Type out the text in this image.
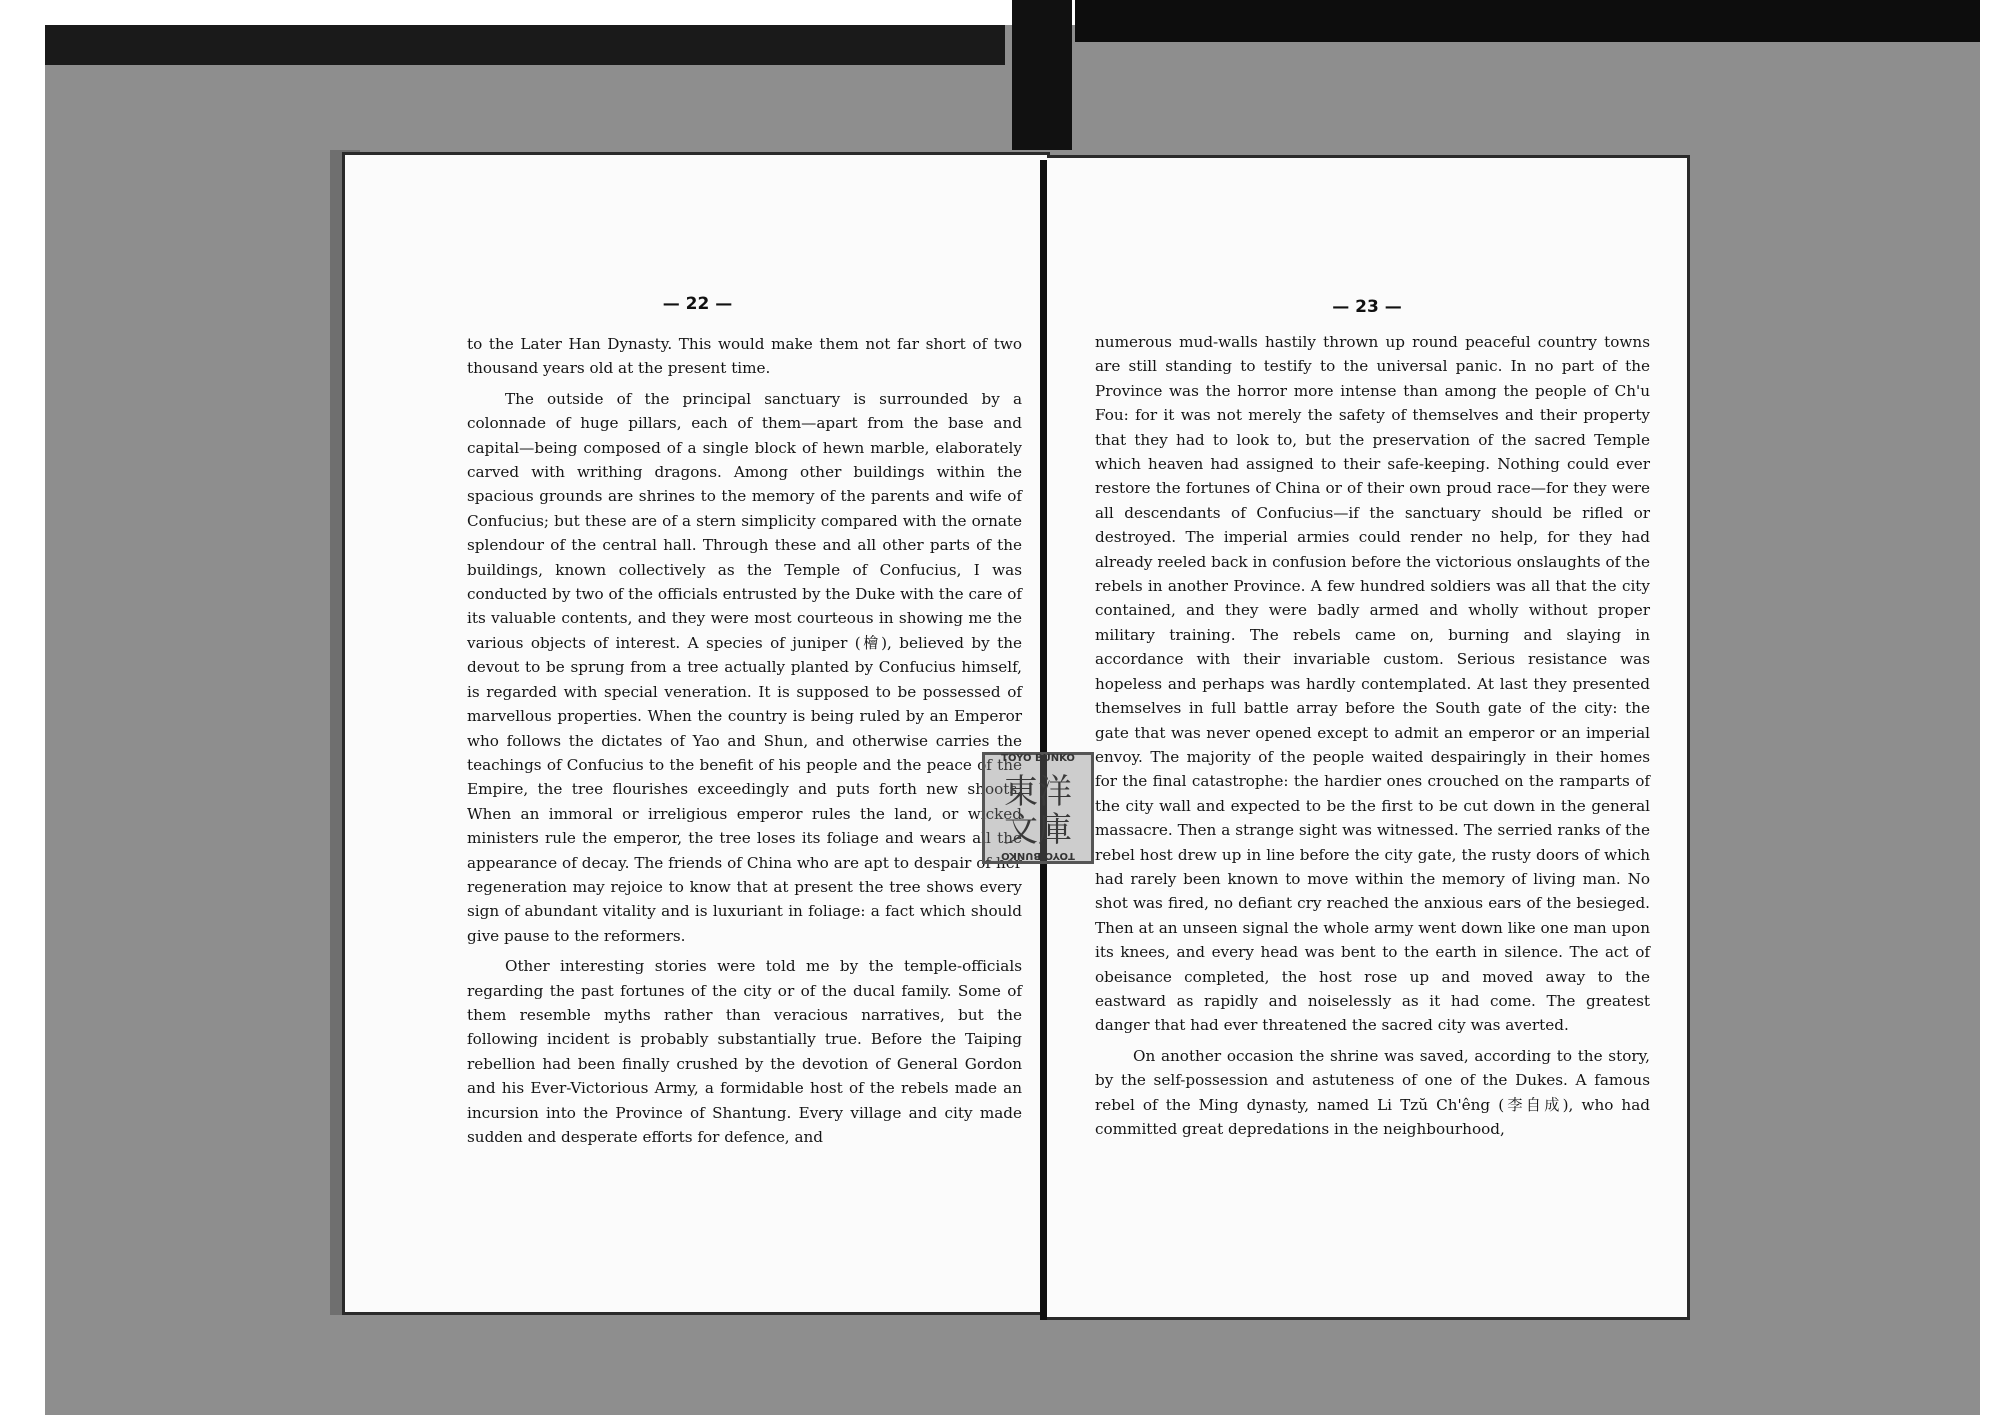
— 22 —

to the Later Han Dynasty. This would make them not far short of two thousand years old at the present time.

The outside of the principal sanctuary is surrounded by a colonnade of huge pillars, each of them—apart from the base and capital—being composed of a single block of hewn marble, elaborately carved with writhing dragons. Among other buildings within the spacious grounds are shrines to the memory of the parents and wife of Confucius; but these are of a stern simplicity compared with the ornate splendour of the central hall. Through these and all other parts of the buildings, known collectively as the Temple of Confucius, I was conducted by two of the officials entrusted by the Duke with the care of its valuable contents, and they were most courteous in showing me the various objects of interest. A species of juniper (檜), believed by the devout to be sprung from a tree actually planted by Confucius himself, is regarded with special veneration. It is supposed to be possessed of marvellous properties. When the country is being ruled by an Emperor who follows the dictates of Yao and Shun, and otherwise carries the teachings of Confucius to the benefit of his people and the peace of the Empire, the tree flourishes exceedingly and puts forth new shoots. When an immoral or irreligious emperor rules the land, or wicked ministers rule the emperor, the tree loses its foliage and wears all the appearance of decay. The friends of China who are apt to despair of her regeneration may rejoice to know that at present the tree shows every sign of abundant vitality and is luxuriant in foliage: a fact which should give pause to the reformers.

Other interesting stories were told me by the temple-officials regarding the past fortunes of the city or of the ducal family. Some of them resemble myths rather than veracious narratives, but the following incident is probably substantially true. Before the Taiping rebellion had been finally crushed by the devotion of General Gordon and his Ever-Victorious Army, a formidable host of the rebels made an incursion into the Province of Shantung. Every village and city made sudden and desperate efforts for defence, and

— 23 —

numerous mud-walls hastily thrown up round peaceful country towns are still standing to testify to the universal panic. In no part of the Province was the horror more intense than among the people of Ch'u Fou: for it was not merely the safety of themselves and their property that they had to look to, but the preservation of the sacred Temple which heaven had assigned to their safe-keeping. Nothing could ever restore the fortunes of China or of their own proud race—for they were all descendants of Confucius—if the sanctuary should be rifled or destroyed. The imperial armies could render no help, for they had already reeled back in confusion before the victorious onslaughts of the rebels in another Province. A few hundred soldiers was all that the city contained, and they were badly armed and wholly without proper military training. The rebels came on, burning and slaying in accordance with their invariable custom. Serious resistance was hopeless and perhaps was hardly contemplated. At last they presented themselves in full battle array before the South gate of the city: the gate that was never opened except to admit an emperor or an imperial envoy. The majority of the people waited despairingly in their homes for the final catastrophe: the hardier ones crouched on the ramparts of the city wall and expected to be the first to be cut down in the general massacre. Then a strange sight was witnessed. The serried ranks of the rebel host drew up in line before the city gate, the rusty doors of which had rarely been known to move within the memory of living man. No shot was fired, no defiant cry reached the anxious ears of the besieged. Then at an unseen signal the whole army went down like one man upon its knees, and every head was bent to the earth in silence. The act of obeisance completed, the host rose up and moved away to the eastward as rapidly and noiselessly as it had come. The greatest danger that had ever threatened the sacred city was averted.

On another occasion the shrine was saved, according to the story, by the self-possession and astuteness of one of the Dukes. A famous rebel of the Ming dynasty, named Li Tzŭ Ch'êng (李自成), who had committed great depredations in the neighbourhood,

TOYO BUNKO
東洋文庫
TOYO BUNKO
